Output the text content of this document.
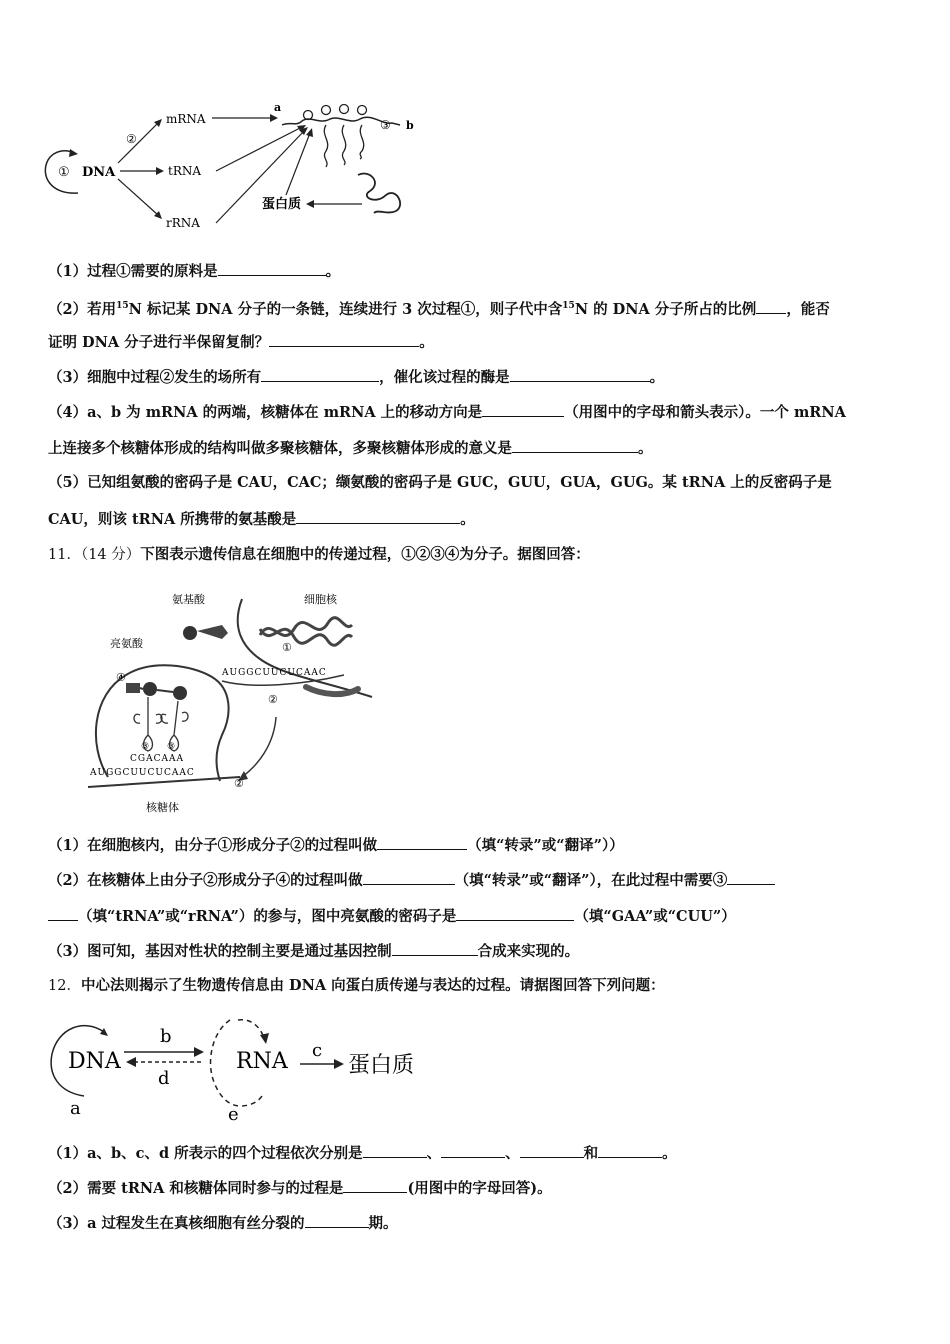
① DNA
②
mRNA
tRNA
rRNA
a
b
③
蛋白质
（1）过程①需要的原料是	。
（2）若用$^{15}$N 标记某 DNA 分子的一条链，连续进行 3 次过程①，则子代中含$^{15}$N 的 DNA 分子所占的比例 ，能否
证明 DNA 分子进行半保留复制？	。
（3）细胞中过程②发生的场所有	，催化该过程的酶是	。
（4）a、b 为 mRNA 的两端，核糖体在 mRNA 上的移动方向是	（用图中的字母和箭头表示）。一个 mRNA
上连接多个核糖体形成的结构叫做多聚核糖体，多聚核糖体形成的意义是	。
（5）已知组氨酸的密码子是 CAU，CAC；缬氨酸的密码子是 GUC，GUU，GUA，GUG。某 tRNA 上的反密码子是
CAU，则该 tRNA 所携带的氨基酸是	。
11．（14 分）下图表示遗传信息在细胞中的传递过程，①②③④为分子。据图回答：
氨基酸	细胞核
亮氨酸	①
AUGGCUUCUCAAC
②
④
③ ③
CGACAAA
AUGGCUUCUCAAC
②
核糖体
（1）在细胞核内，由分子①形成分子②的过程叫做	（填“转录”或“翻译”））
（2）在核糖体上由分子②形成分子④的过程叫做	（填“转录”或“翻译”），在此过程中需要③
（填“tRNA”或“rRNA”）的参与，图中亮氨酸的密码子是	（填“GAA”或“CUU”）
（3）图可知，基因对性状的控制主要是通过基因控制	合成来实现的。
12．中心法则揭示了生物遗传信息由 DNA 向蛋白质传递与表达的过程。请据图回答下列问题：
a
DNA
b
d
e
RNA c
蛋白质
（1）a、b、c、d 所表示的四个过程依次分别是	、	、	和	。
（2）需要 tRNA 和核糖体同时参与的过程是	(用图中的字母回答)。
（3）a 过程发生在真核细胞有丝分裂的	期。
